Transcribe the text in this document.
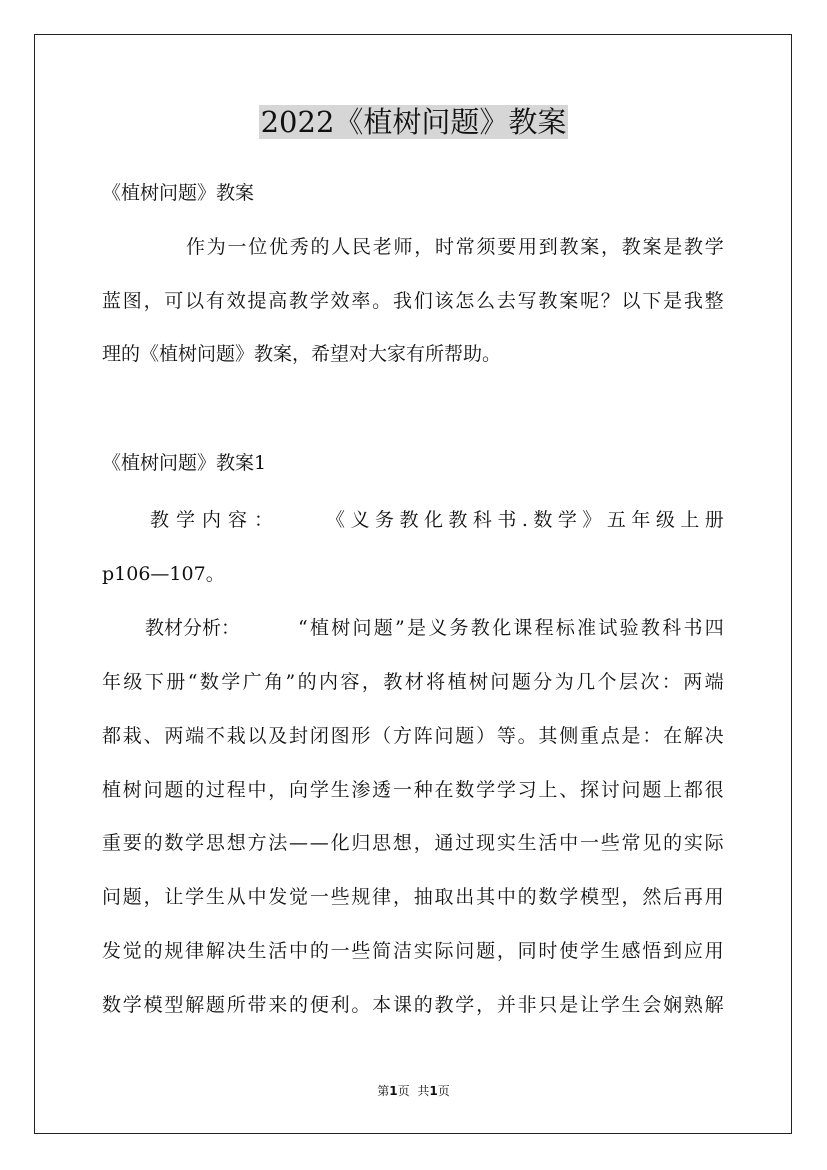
2022《植树问题》教案
《植树问题》教案
作 为 一 位 优 秀 的 人 民 老 师 ， 时 常 须 要 用 到 教 案 ， 教 案 是 教 学
蓝 图 ， 可 以 有 效 提 高 教 学 效 率 。 我 们 该 怎 么 去 写 教 案 呢 ？ 以 下 是 我 整
理的《植树问题》教案，希望对大家有所帮助。
《植树问题》教案1
教学内容： 《 义 务 教 化 教 科 书 . 数 学 》 五 年 级 上 册
p106—107。
教材分析：	“ 植 树 问 题 ” 是 义 务 教 化 课 程 标 准 试 验 教 科 书 四
年 级 下 册 “ 数 学 广 角 ” 的 内 容 ， 教 材 将 植 树 问 题 分 为 几 个 层 次 ： 两 端
都 栽 、 两 端 不 栽 以 及 封 闭 图 形 （ 方 阵 问 题 ） 等 。 其 侧 重 点 是 ： 在 解 决
植 树 问 题 的 过 程 中 ， 向 学 生 渗 透 一 种 在 数 学 学 习 上 、 探 讨 问 题 上 都 很
重 要 的 数 学 思 想 方 法 — — 化 归 思 想 ， 通 过 现 实 生 活 中 一 些 常 见 的 实 际
问 题 ， 让 学 生 从 中 发 觉 一 些 规 律 ， 抽 取 出 其 中 的 数 学 模 型 ， 然 后 再 用
发 觉 的 规 律 解 决 生 活 中 的 一 些 简 洁 实 际 问 题 ， 同 时 使 学 生 感 悟 到 应 用
数 学 模 型 解 题 所 带 来 的 便 利 。 本 课 的 教 学 ， 并 非 只 是 让 学 生 会 娴 熟 解
第1页 共1页
